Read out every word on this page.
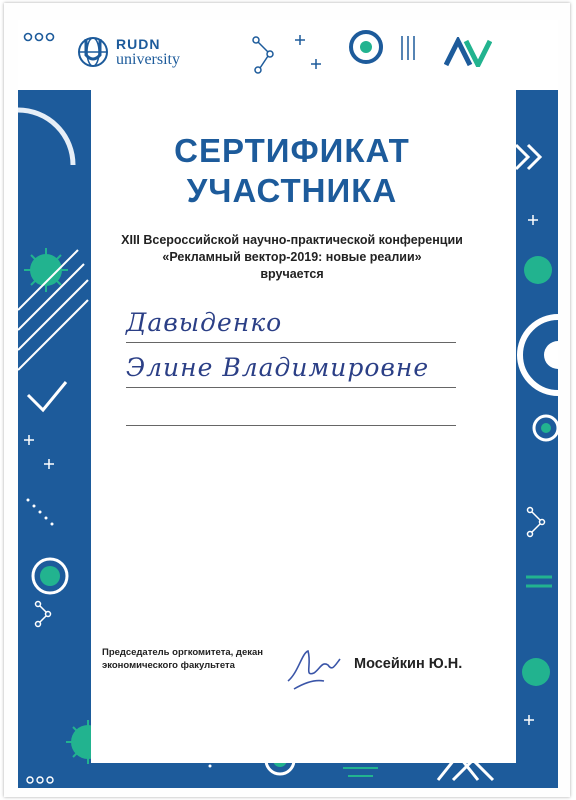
RUDN
university
СЕРТИФИКАТ
УЧАСТНИКА
XIII Всероссийской научно-практической конференции
«Рекламный вектор-2019: новые реалии»
вручается
Давыденко
Элине Владимировне
Председатель оргкомитета, декан
экономического факультета	Мосейкин Ю.Н.
